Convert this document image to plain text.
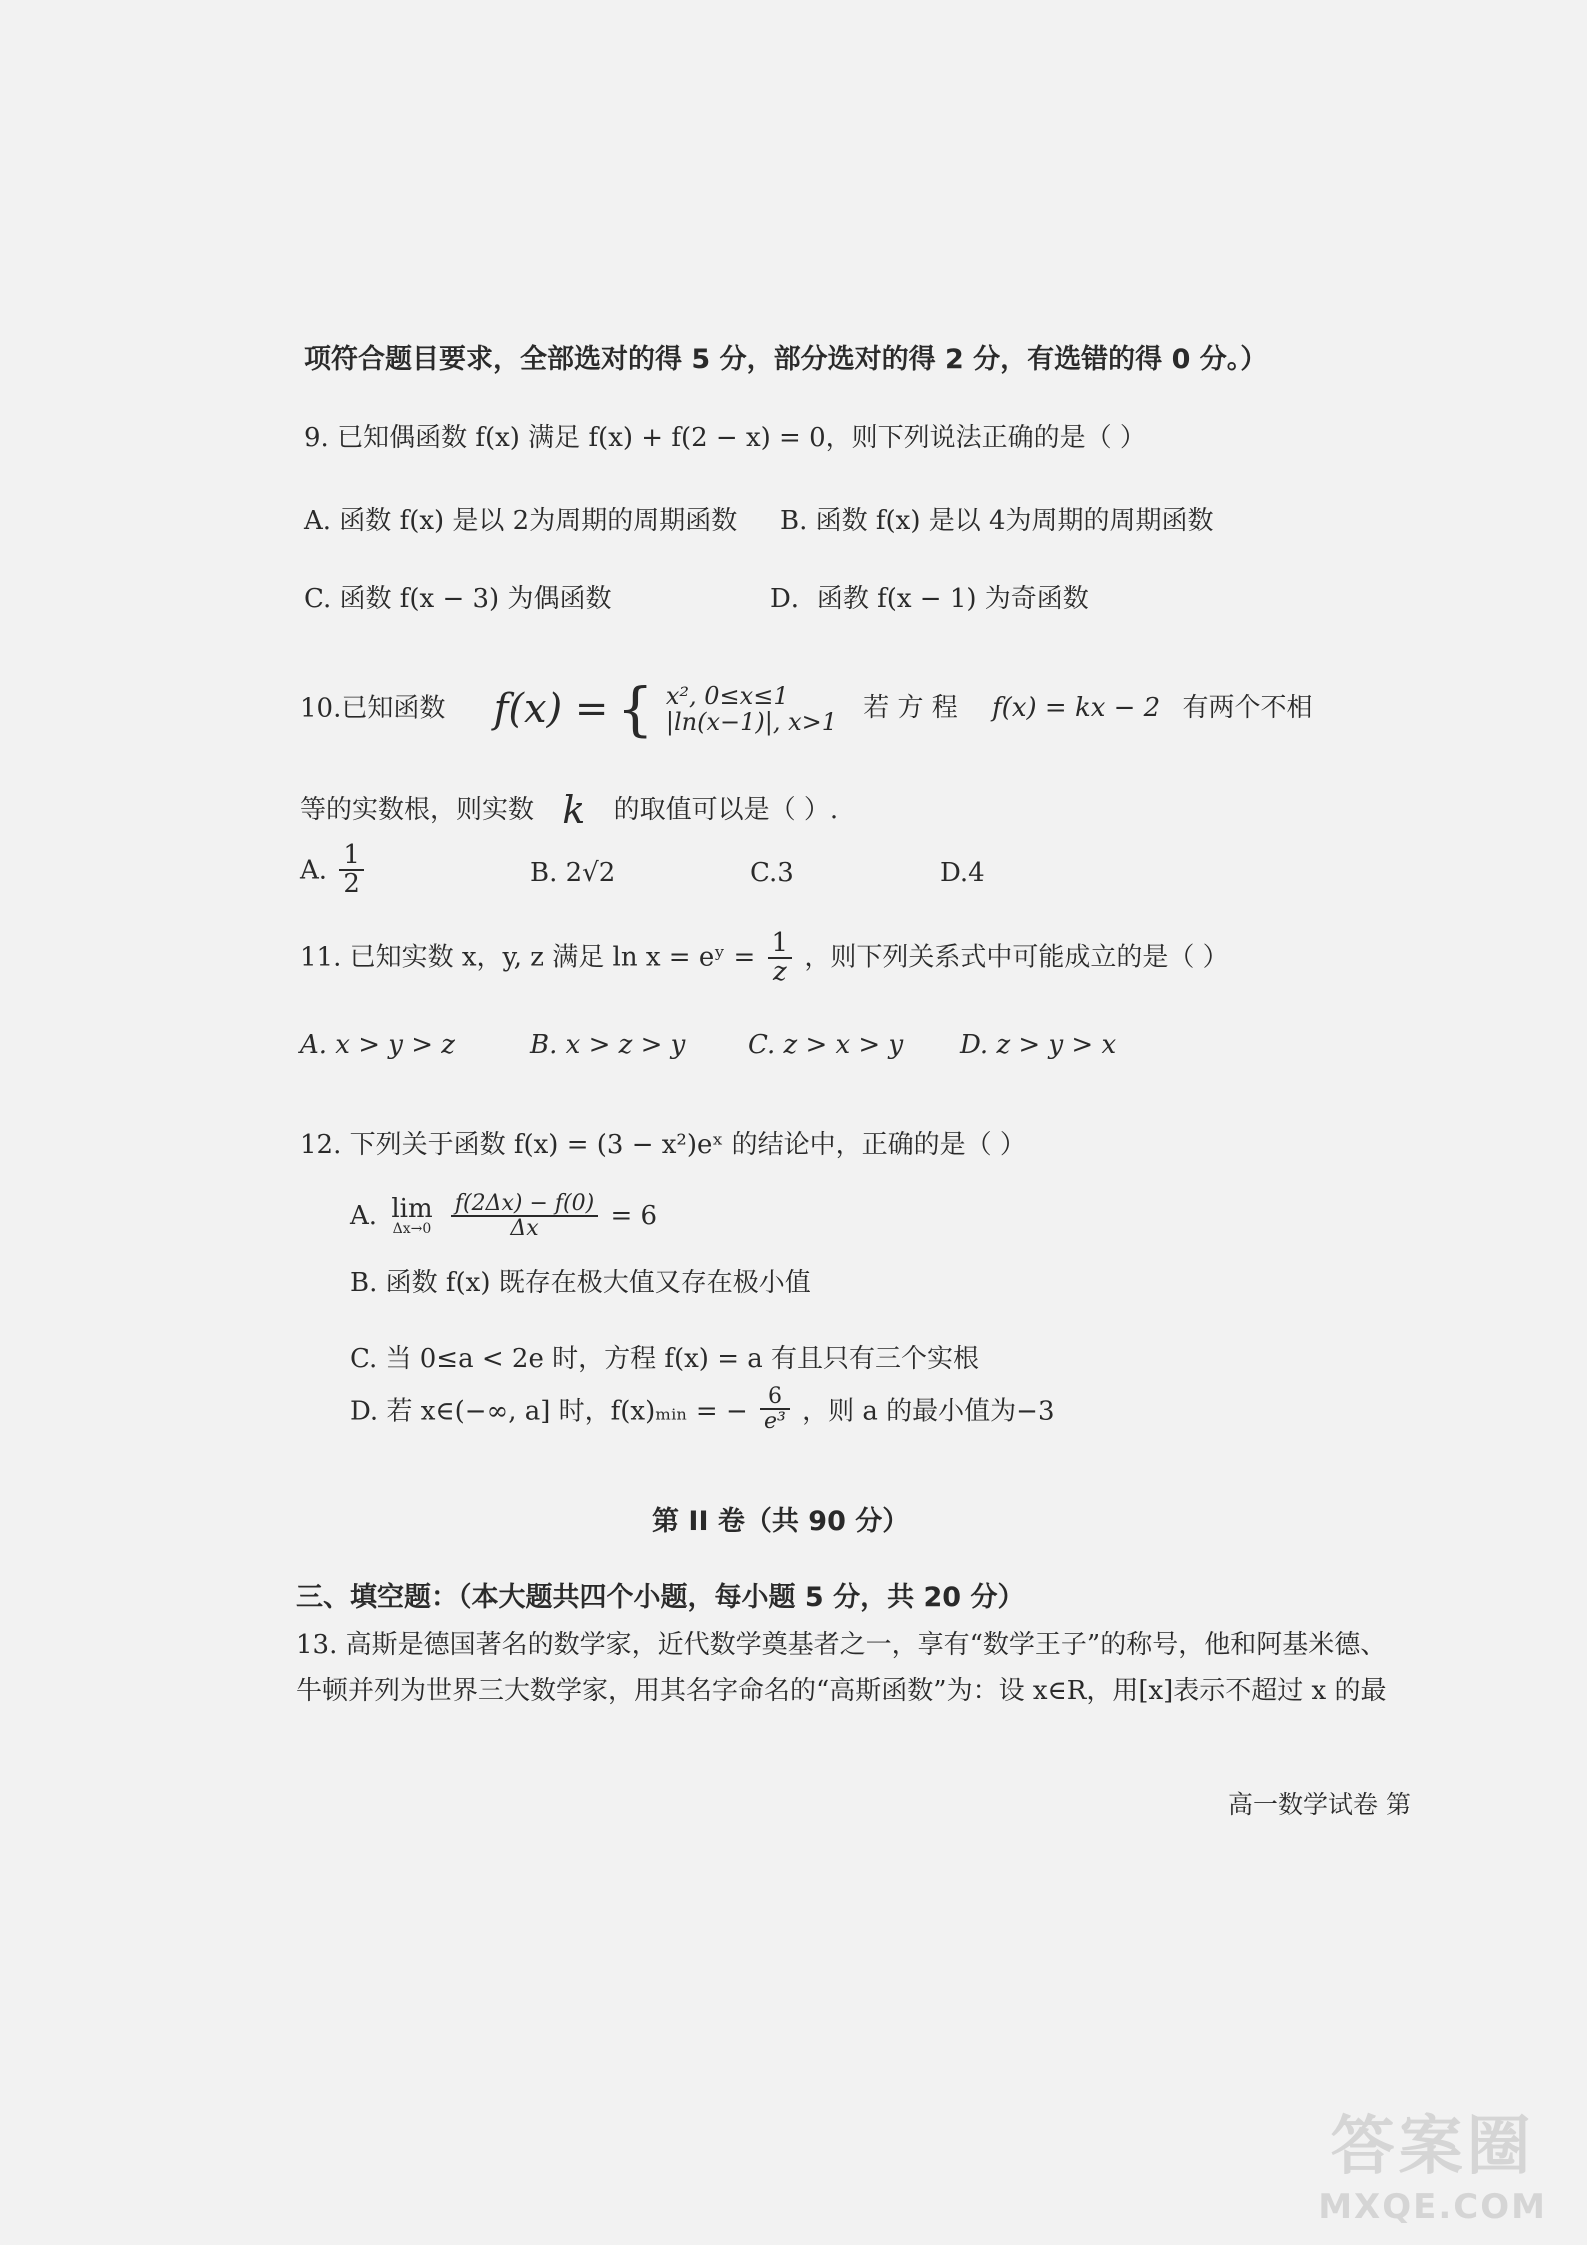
项符合题目要求，全部选对的得 5 分，部分选对的得 2 分，有选错的得 0 分。）
9. 已知偶函数 f(x) 满足 f(x) + f(2 − x) = 0，则下列说法正确的是（ ）
A. 函数 f(x) 是以 2为周期的周期函数 B. 函数 f(x) 是以 4为周期的周期函数
C. 函数 f(x − 3) 为偶函数	D．函教 f(x − 1) 为奇函数
10.已知函数 f(x) = { x², 0≤x≤1
|ln(x−1)|, x>1 若 方 程 f(x) = kx − 2 有两个不相
等的实数根，则实数 k 的取值可以是（ ）.
A. $\frac{1}{2}$	B. 2√2	C.3	D.4
11. 已知实数 x，y, z 满足 ln x = eʸ = $\frac{1}{z}$ ，则下列关系式中可能成立的是（ ）
A. x > y > z	B. x > z > y C. z > x > y D. z > y > x
12. 下列关于函数 f(x) = (3 − x²)eˣ 的结论中，正确的是（ ）
A. lim
Δx→0
$\frac{f(2\Delta x) - f(0)}{\Delta x} = 6$
B. 函数 f(x) 既存在极大值又存在极小值
C. 当 0≤a < 2e 时，方程 f(x) = a 有且只有三个实根
D. 若 x∈(−∞, a] 时，f(x)ₘᵢₙ = − $\frac{6}{\text{e³}}$ ，则 a 的最小值为−3
第 II 卷（共 90 分）
三、填空题：（本大题共四个小题，每小题 5 分，共 20 分）
13. 高斯是德国著名的数学家，近代数学奠基者之一，享有“数学王子”的称号，他和阿基米德、
牛顿并列为世界三大数学家，用其名字命名的“高斯函数”为：设 x∈R，用[x]表示不超过 x 的最
高一数学试卷 第
答案圈
MXQE.COM
